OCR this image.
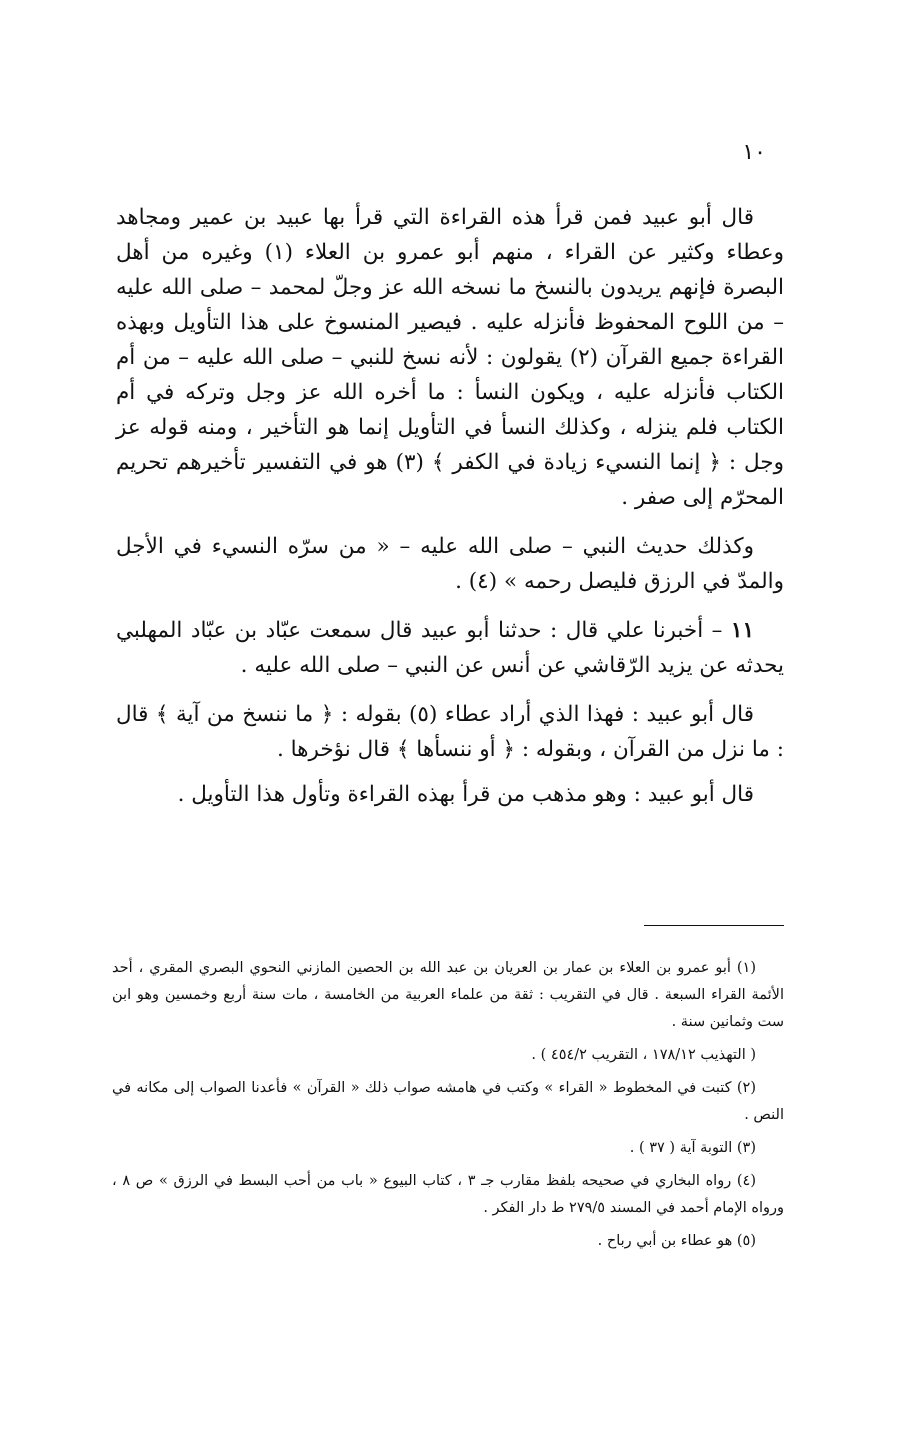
١٠

قال أبو عبيد فمن قرأ هذه القراءة التي قرأ بها عبيد بن عمير ومجاهد وعطاء وكثير عن القراء ، منهم أبو عمرو بن العلاء (١) وغيره من أهل البصرة فإنهم يريدون بالنسخ ما نسخه الله عز وجلّ لمحمد – صلى الله عليه – من اللوح المحفوظ فأنزله عليه . فيصير المنسوخ على هذا التأويل وبهذه القراءة جميع القرآن (٢) يقولون : لأنه نسخ للنبي – صلى الله عليه – من أم الكتاب فأنزله عليه ، ويكون النسأ : ما أخره الله عز وجل وتركه في أم الكتاب فلم ينزله ، وكذلك النسأ في التأويل إنما هو التأخير ، ومنه قوله عز وجل : ﴿ إنما النسيء زيادة في الكفر ﴾ (٣) هو في التفسير تأخيرهم تحريم المحرّم إلى صفر .

وكذلك حديث النبي – صلى الله عليه – « من سرّه النسيء في الأجل والمدّ في الرزق فليصل رحمه » (٤) .

١١ – أخبرنا علي قال : حدثنا أبو عبيد قال سمعت عبّاد بن عبّاد المهلبي يحدثه عن يزيد الرّقاشي عن أنس عن النبي – صلى الله عليه .

قال أبو عبيد : فهذا الذي أراد عطاء (٥) بقوله : ﴿ ما ننسخ من آية ﴾ قال : ما نزل من القرآن ، وبقوله : ﴿ أو ننسأها ﴾ قال نؤخرها .

قال أبو عبيد : وهو مذهب من قرأ بهذه القراءة وتأول هذا التأويل .

(١) أبو عمرو بن العلاء بن عمار بن العريان بن عبد الله بن الحصين المازني النحوي البصري المقري ، أحد الأئمة القراء السبعة . قال في التقريب : ثقة من علماء العربية من الخامسة ، مات سنة أربع وخمسين وهو ابن ست وثمانين سنة .

( التهذيب ١٧٨/١٢ ، التقريب ٤٥٤/٢ ) .

(٢) كتبت في المخطوط « القراء » وكتب في هامشه صواب ذلك « القرآن » فأعدنا الصواب إلى مكانه في النص .

(٣) التوبة آية ( ٣٧ ) .

(٤) رواه البخاري في صحيحه بلفظ مقارب جـ ٣ ، كتاب البيوع « باب من أحب البسط في الرزق » ص ٨ ، ورواه الإمام أحمد في المسند ٢٧٩/٥ ط دار الفكر .

(٥) هو عطاء بن أبي رباح .
